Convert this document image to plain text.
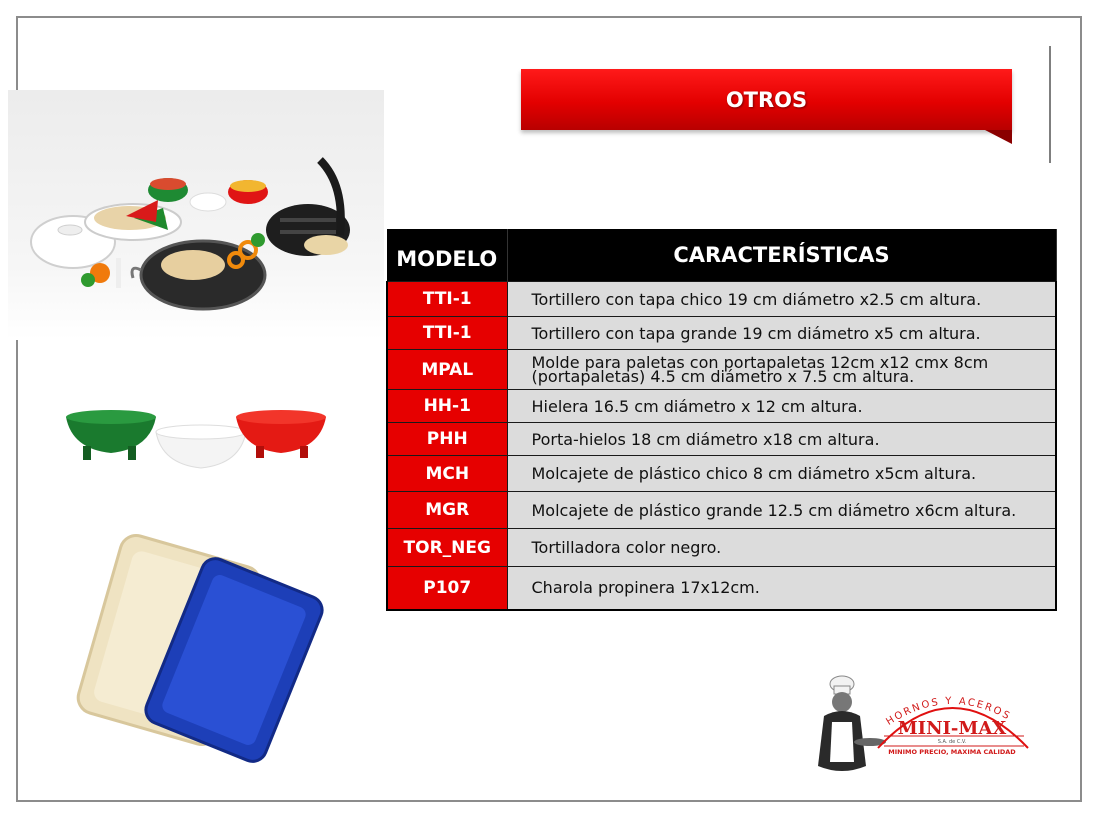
OTROS
MODELO	CARACTERÍSTICAS
TTI-1	Tortillero con tapa chico 19 cm diámetro x2.5 cm altura.
TTI-1	Tortillero con tapa grande 19 cm diámetro x5 cm altura.
MPAL	Molde para paletas con portapaletas 12cm x12 cmx 8cm (portapaletas) 4.5 cm diámetro x 7.5 cm altura.
HH-1	Hielera 16.5 cm diámetro x 12 cm altura.
PHH	Porta-hielos 18 cm diámetro x18 cm altura.
MCH	Molcajete de plástico chico 8 cm diámetro x5cm altura.
MGR	Molcajete de plástico grande 12.5 cm diámetro x6cm altura.
TOR_NEG	Tortilladora color negro.
P107	Charola propinera 17x12cm.
HORNOS Y ACEROS
MINI-MAX
S.A. de C.V.
MINIMO PRECIO, MAXIMA CALIDAD
